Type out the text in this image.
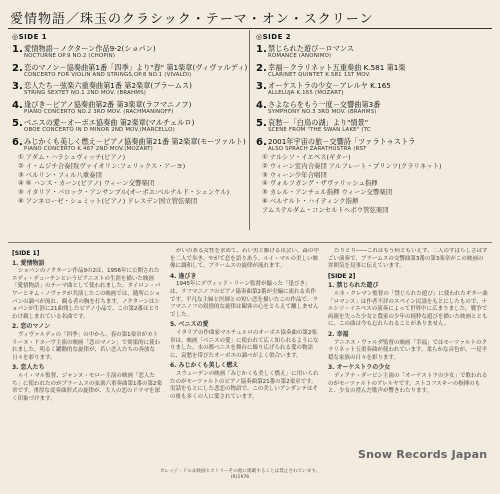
愛情物語／珠玉のクラシック・テーマ・オン・スクリーン
◎SIDE 1
1. 愛情物語－ノクターン作品9-2(ショパン)
NOCTURNE OP.9 NO.2 (CHOPIN)
2. 恋のマノン－協奏曲第1番「四季」より"春" 第1楽章(ヴィヴァルディ)
CONCERTO FOR VIOLIN AND STRINGS,OP.8 NO.1 (VIVALDI)
3. 恋人たち－弦楽六重奏曲第1番 第2楽章(ブラームス)
STRING SEXTET NO.1 2ND MOV. (BRAHMS)
4. 逢びき－ピアノ協奏曲第2番 第3楽章(ラフマニノフ)
PIANO CONCERTO NO.2 3RD MOV. (RACHMANINOFF)
5. ベニスの愛－オーボエ協奏曲 第2楽章(マルチェルロ)
OBOE CONCERTO IN D MINOR 2ND MOV.(MARCELLO)
6. みじかくも美しく燃え－ピアノ協奏曲第21番 第2楽章(モーツァルト)
PIANO CONCERTO K.467 2ND MOV.(MOZART)
① アダム・ハラシェヴィッチ(ピアノ)
② イ・ムジチ合奏団(ヴァイオリン:フェリックス・アーヨ)
③ ベルリン・フィル八重奏団
④ ⑥ ハンス・カーン(ピアノ) ウィーン交響楽団
⑤ イタリア・バロック・アンサンブル(オーボエ:ベルナルド・シェンケル)
⑥ アンネローゼ・シュミット(ピアノ) ドレスデン国立管弦楽団
◎SIDE 2
1. 禁じられた遊び－ロマンス
ROMANCE (ANONIMO)
2. 幸福－クラリネット五重奏曲 K.581 第1楽
CLARINET QUINTET K.581 1ST MOV.
3. オーケストラの少女－アレルヤ K.165
ALLELUJA K.165 (MOZART)
4. さよならをもう一度－交響曲第3番
SYMPHONY NO.3 3RD MOV. (BRAHMS)
5. 哀愁－「白鳥の湖」より"情景"
SCENE FROM "THE SWAN LAKE" (TC
6. 2001年宇宙の旅－交響詩「ツァラトゥストラ
ALSO SPRACH ZARATHUSTRA (RST
① ナルシソ・イエペス(ギター)
② ウィーン室内合奏団 アルフレート・プリンツ(クラリネット)
③ ウィーン少年合唱団
④ ヴォルフガング・ザヴァリッシュ指揮
⑤ カレル・アンチェル指揮 ウィーン交響楽団
⑥ ベルナルト・ハイティンク指揮
アムステルダム・コンセルトヘボウ管弦楽団
[SIDE 1]
1. 愛情物語

ショパンのノクターン作品9の2は、1956年に公開されたエディ・デューチンというピアニストの生涯を描いた映画「愛情物語」のテーマ曲として使われました。タイロン・パワーとキム・ノヴァクが共演したこの映画では、随所にショパンの調べが流れ、観る者の胸を打ちます。ノクターンはショパンが生涯に21曲残したピアノ小品で、この第2番はとりわけ親しまれている名曲です。

2. 恋のマノン

ヴィヴァルディの「四季」の中から、春の第1楽章がカトリーヌ・ドヌーヴ主演の映画「恋のマノン」で効果的に使われました。明るく躍動的な旋律が、若い恋人たちの奔放な日々を彩ります。

3. 恋人たち

ルイ・マル監督、ジャンヌ・モロー主演の映画「恋人たち」に使われたのがブラームスの弦楽六重奏曲第1番の第2楽章です。重厚な変奏曲形式の旋律が、大人の恋のドラマを深く印象づけます。

がいのある女性を求めて、若い男と駆ける出会い、森の中を二人で歩き、やがて恋を語りあう。ルイ・マルの美しい映像に調和して、ブラームスの旋律が流れます。

4. 逢びき

1945年にデヴィッド・リーン監督が撮った「逢びき」は、ラフマニノフのピアノ協奏曲第2番が全編に流れる名作です。平凡な主婦と医師との短い恋を描いたこの作品で、ラフマニノフの叙情的な旋律は観客の心をとらえて離しませんでした。

5. ベニスの愛

イタリアの作曲家マルチェルロのオーボエ協奏曲の第2楽章は、映画「ベニスの愛」に使われて広く知られるようになりました。水の都ベニスを舞台に繰り広げられる愛の物語に、哀愁を帯びたオーボエの調べがよく似合います。

6. みじかくも美しく燃え

スウェーデンの映画「みじかくも美しく燃え」に用いられたのがモーツァルトのピアノ協奏曲第21番の第2楽章です。実話をもとにした悲恋の物語で、この美しいアンダンテはその後も多くの人に愛されています。

たりとり――これはもう何ともいえず、二人のすばらしさはすごい演奏で、ブラームスの交響曲第3番の第3楽章がこの映画の雰囲気を見事に伝えています。

[SIDE 2]
1. 禁じられた遊び

ルネ・クレマン監督の「禁じられた遊び」に使われたギター曲「ロマンス」は作者不詳のスペイン民謡をもとにしたもので、ナルシソ・イエペスの演奏によって世界中に広まりました。戦争で両親を失った少女と農家の少年の純粋な遊びを描いた映画とともに、この曲は今も忘れられることがありません。

2. 幸福

アニエス・ヴァルダ監督の映画「幸福」ではモーツァルトのクラリネット五重奏曲が使われています。柔らかな音色が、一見平穏な家族の日々を彩ります。

3. オーケストラの少女

ディアナ・ダービン主演の「オーケストラの少女」で歌われるのがモーツァルトのアレルヤです。ストコフスキーの指揮のもと、少女の澄んだ歌声が響きわたります。

カレッジ・ドル＆映画ヒストリーその他に掲載することは禁止されています。
(R)1976
Snow Records Japan
